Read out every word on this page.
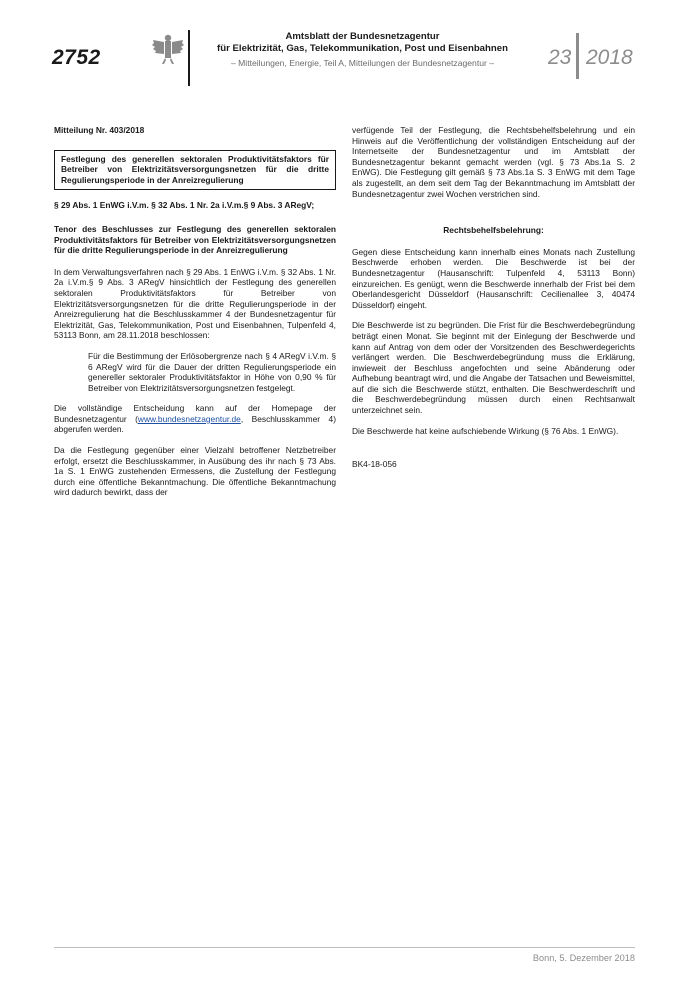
2752
Amtsblatt der Bundesnetzagentur
für Elektrizität, Gas, Telekommunikation, Post und Eisenbahnen
– Mitteilungen, Energie, Teil A, Mitteilungen der Bundesnetzagentur –	23 2018

Mitteilung Nr. 403/2018

Festlegung des generellen sektoralen Produktivitätsfaktors für Betreiber von Elektrizitätsversorgungsnetzen für die dritte Regulierungsperiode in der Anreizregulierung

§ 29 Abs. 1 EnWG i.V.m. § 32 Abs. 1 Nr. 2a i.V.m.§ 9 Abs. 3 ARegV;

Tenor des Beschlusses zur Festlegung des generellen sektoralen Produktivitätsfaktors für Betreiber von Elektrizitätsversorgungsnetzen für die dritte Regulierungsperiode in der Anreizregulierung

In dem Verwaltungsverfahren nach § 29 Abs. 1 EnWG i.V.m. § 32 Abs. 1 Nr. 2a i.V.m.§ 9 Abs. 3 ARegV hinsichtlich der Festlegung des generellen sektoralen Produktivitätsfaktors für Betreiber von Elektrizitätsversorgungsnetzen für die dritte Regulierungsperiode in der Anreizregulierung hat die Beschlusskammer 4 der Bundesnetzagentur für Elektrizität, Gas, Telekommunikation, Post und Eisenbahnen, Tulpenfeld 4, 53113 Bonn, am 28.11.2018 beschlossen:

Für die Bestimmung der Erlösobergrenze nach § 4 ARegV i.V.m. § 6 ARegV wird für die Dauer der dritten Regulierungsperiode ein genereller sektoraler Produktivitätsfaktor in Höhe von 0,90 % für Betreiber von Elektrizitätsversorgungsnetzen festgelegt.

Die vollständige Entscheidung kann auf der Homepage der Bundesnetzagentur (www.bundesnetzagentur.de, Beschlusskammer 4) abgerufen werden.

Da die Festlegung gegenüber einer Vielzahl betroffener Netzbetreiber erfolgt, ersetzt die Beschlusskammer, in Ausübung des ihr nach § 73 Abs. 1a S. 1 EnWG zustehenden Ermessens, die Zustellung der Festlegung durch eine öffentliche Bekanntmachung. Die öffentliche Bekanntmachung wird dadurch bewirkt, dass der

verfügende Teil der Festlegung, die Rechtsbehelfsbelehrung und ein Hinweis auf die Veröffentlichung der vollständigen Entscheidung auf der Internetseite der Bundesnetzagentur und im Amtsblatt der Bundesnetzagentur bekannt gemacht werden (vgl. § 73 Abs.1a S. 2 EnWG). Die Festlegung gilt gemäß § 73 Abs.1a S. 3 EnWG mit dem Tage als zugestellt, an dem seit dem Tag der Bekanntmachung im Amtsblatt der Bundesnetzagentur zwei Wochen verstrichen sind.

Rechtsbehelfsbelehrung:

Gegen diese Entscheidung kann innerhalb eines Monats nach Zustellung Beschwerde erhoben werden. Die Beschwerde ist bei der Bundesnetzagentur (Hausanschrift: Tulpenfeld 4, 53113 Bonn) einzureichen. Es genügt, wenn die Beschwerde innerhalb der Frist bei dem Oberlandesgericht Düsseldorf (Hausanschrift: Cecilienallee 3, 40474 Düsseldorf) eingeht.

Die Beschwerde ist zu begründen. Die Frist für die Beschwerdebegründung beträgt einen Monat. Sie beginnt mit der Einlegung der Beschwerde und kann auf Antrag von dem oder der Vorsitzenden des Beschwerdegerichts verlängert werden. Die Beschwerdebegründung muss die Erklärung, inwieweit der Beschluss angefochten und seine Abänderung oder Aufhebung beantragt wird, und die Angabe der Tatsachen und Beweismittel, auf die sich die Beschwerde stützt, enthalten. Die Beschwerdeschrift und die Beschwerdebegründung müssen durch einen Rechtsanwalt unterzeichnet sein.

Die Beschwerde hat keine aufschiebende Wirkung (§ 76 Abs. 1 EnWG).

BK4-18-056

Bonn, 5. Dezember 2018
